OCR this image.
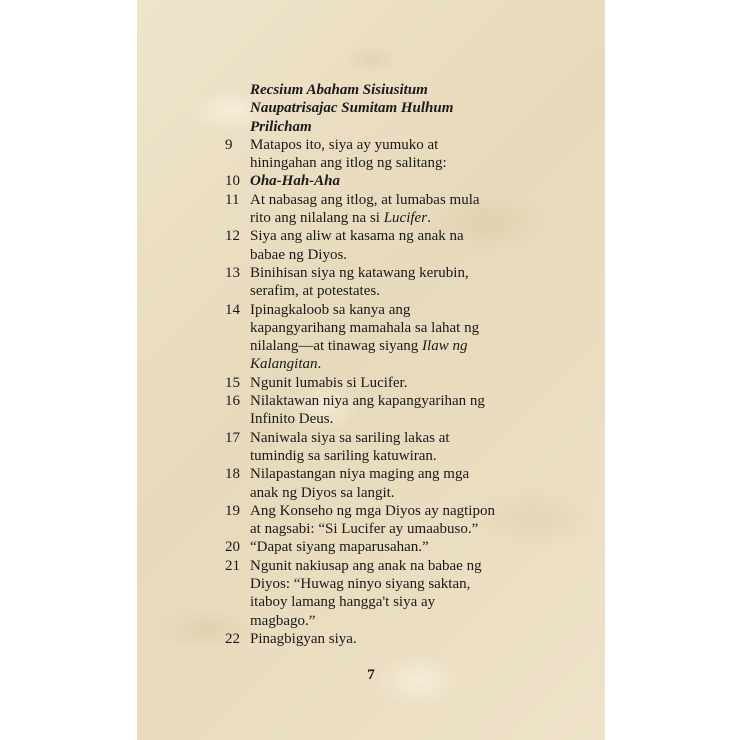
Recsium Abaham Sisiusitum
Naupatrisajac Sumitam Hulhum
Prilicham
9	Matapos ito, siya ay yumuko at
hiningahan ang itlog ng salitang:
10 Oha-Hah-Aha
11 At nabasag ang itlog, at lumabas mula
rito ang nilalang na si Lucifer.
12 Siya ang aliw at kasama ng anak na
babae ng Diyos.
13 Binihisan siya ng katawang kerubin,
serafim, at potestates.
14 Ipinagkaloob sa kanya ang
kapangyarihang mamahala sa lahat ng
nilalang—at tinawag siyang Ilaw ng
Kalangitan.
15 Ngunit lumabis si Lucifer.
16 Nilaktawan niya ang kapangyarihan ng
Infinito Deus.
17 Naniwala siya sa sariling lakas at
tumindig sa sariling katuwiran.
18 Nilapastangan niya maging ang mga
anak ng Diyos sa langit.
19 Ang Konseho ng mga Diyos ay nagtipon
at nagsabi: “Si Lucifer ay umaabuso.”
20 “Dapat siyang maparusahan.”
21 Ngunit nakiusap ang anak na babae ng
Diyos: “Huwag ninyo siyang saktan,
itaboy lamang hangga't siya ay
magbago.”
22 Pinagbigyan siya.
7
